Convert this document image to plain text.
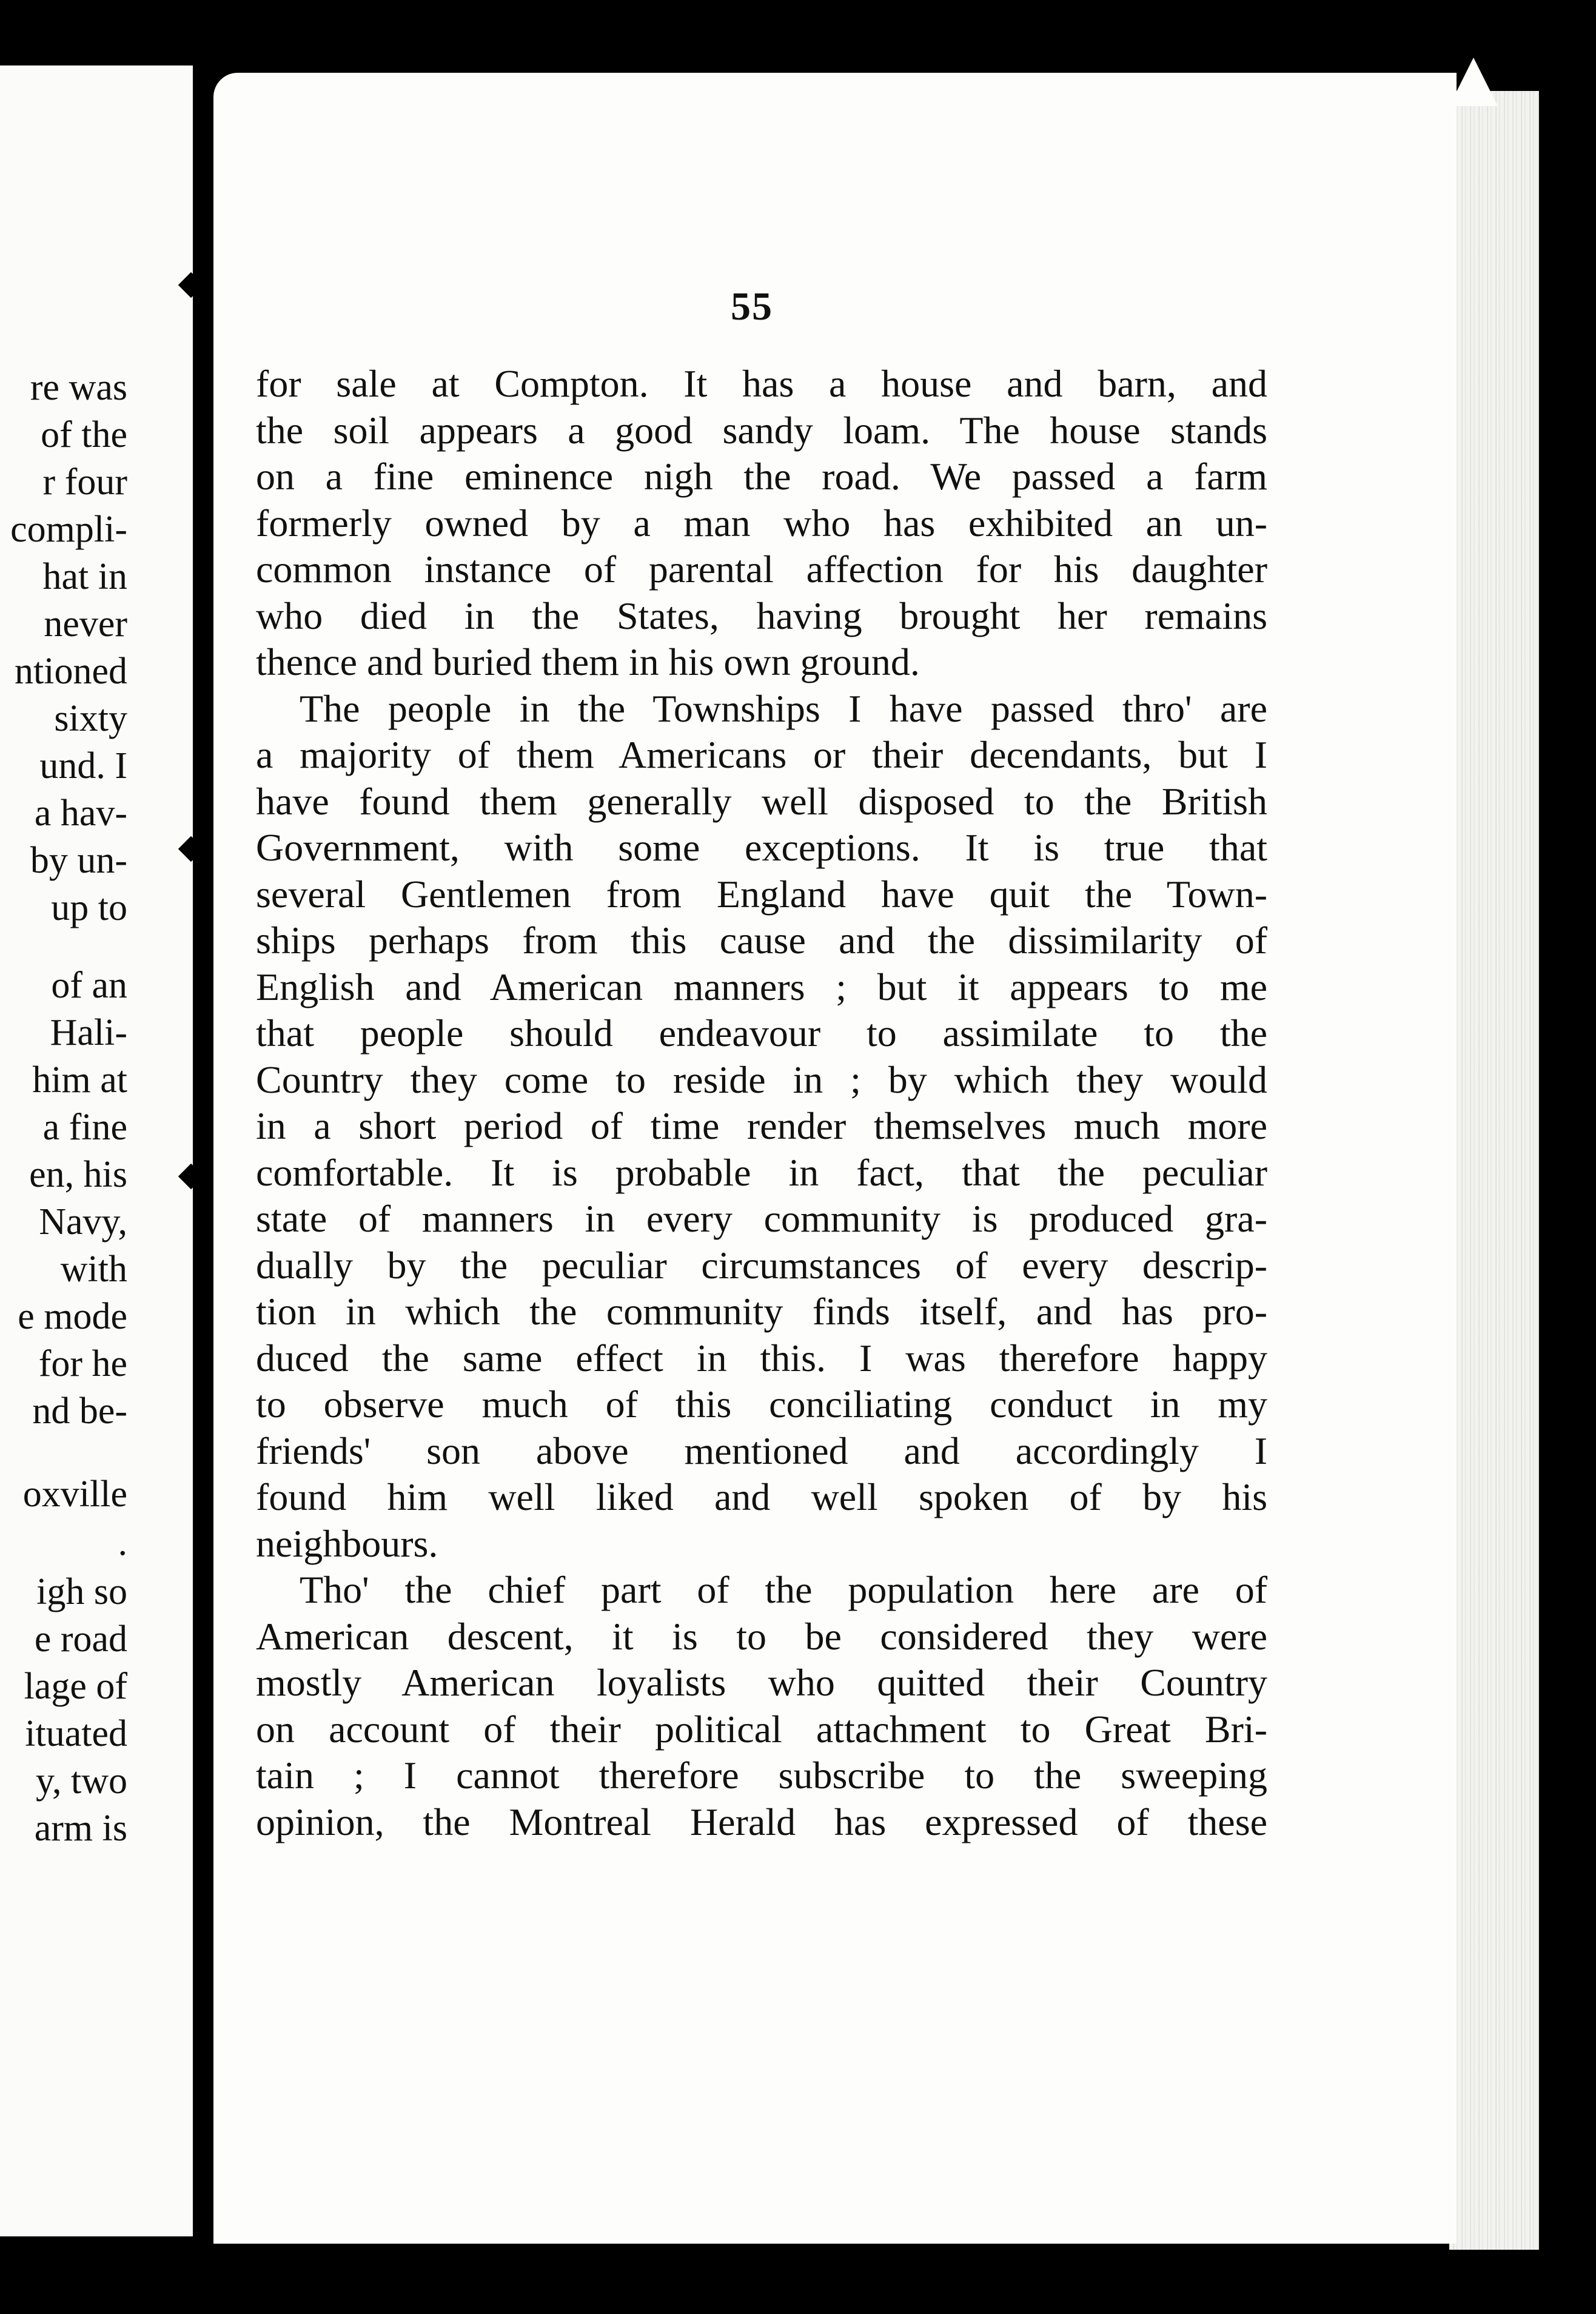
re was
of the
r four
compli-
hat in
never
ntioned
sixty
und. I
a hav-
by un-
up to
of an
Hali-
him at
a fine
en, his
Navy,
with
e mode
for he
nd be-
oxville
.
igh so
e road
lage of
ituated
y, two
arm is
55
for sale at Compton. It has a house and barn, and
the soil appears a good sandy loam. The house stands
on a fine eminence nigh the road. We passed a farm
formerly owned by a man who has exhibited an un-
common instance of parental affection for his daughter
who died in the States, having brought her remains
thence and buried them in his own ground.
The people in the Townships I have passed thro' are
a majority of them Americans or their decendants, but I
have found them generally well disposed to the British
Government, with some exceptions. It is true that
several Gentlemen from England have quit the Town-
ships perhaps from this cause and the dissimilarity of
English and American manners ; but it appears to me
that people should endeavour to assimilate to the
Country they come to reside in ; by which they would
in a short period of time render themselves much more
comfortable. It is probable in fact, that the peculiar
state of manners in every community is produced gra-
dually by the peculiar circumstances of every descrip-
tion in which the community finds itself, and has pro-
duced the same effect in this. I was therefore happy
to observe much of this conciliating conduct in my
friends' son above mentioned and accordingly I
found him well liked and well spoken of by his
neighbours.
Tho' the chief part of the population here are of
American descent, it is to be considered they were
mostly American loyalists who quitted their Country
on account of their political attachment to Great Bri-
tain ; I cannot therefore subscribe to the sweeping
opinion, the Montreal Herald has expressed of these
